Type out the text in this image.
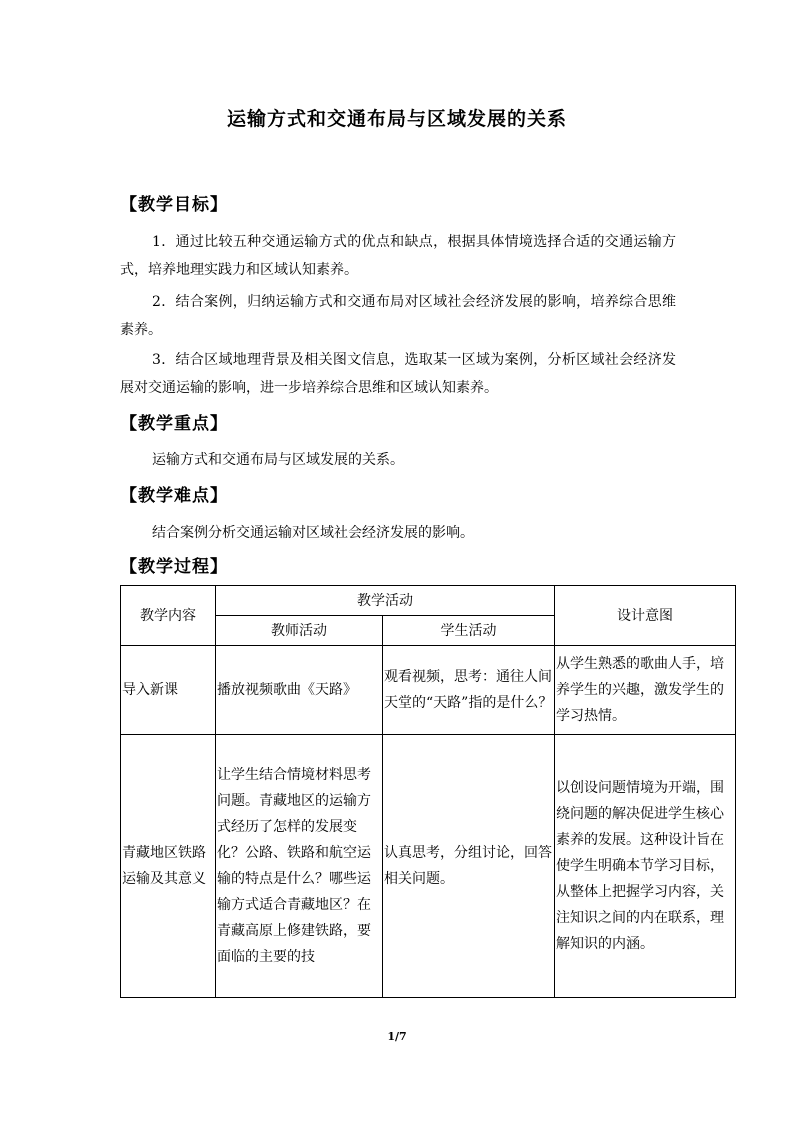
运输方式和交通布局与区域发展的关系
【教学目标】
1．通过比较五种交通运输方式的优点和缺点，根据具体情境选择合适的交通运输方式，培养地理实践力和区域认知素养。
2．结合案例，归纳运输方式和交通布局对区域社会经济发展的影响，培养综合思维素养。
3．结合区域地理背景及相关图文信息，选取某一区域为案例，分析区域社会经济发展对交通运输的影响，进一步培养综合思维和区域认知素养。
【教学重点】
运输方式和交通布局与区域发展的关系。
【教学难点】
结合案例分析交通运输对区域社会经济发展的影响。
【教学过程】
教学内容	教学活动		设计意图
	教师活动	学生活动	
导入新课	播放视频歌曲《天路》	观看视频，思考：通往人间天堂的“天路”指的是什么？	从学生熟悉的歌曲人手，培养学生的兴趣，激发学生的学习热情。
青藏地区铁路运输及其意义	让学生结合情境材料思考问题。青藏地区的运输方式经历了怎样的发展变化？公路、铁路和航空运输的特点是什么？哪些运输方式适合青藏地区？在青藏高原上修建铁路，要面临的主要的技	认真思考，分组讨论，回答相关问题。	以创设问题情境为开端，围绕问题的解决促进学生核心素养的发展。这种设计旨在使学生明确本节学习目标，从整体上把握学习内容，关注知识之间的内在联系，理解知识的内涵。
1/7
